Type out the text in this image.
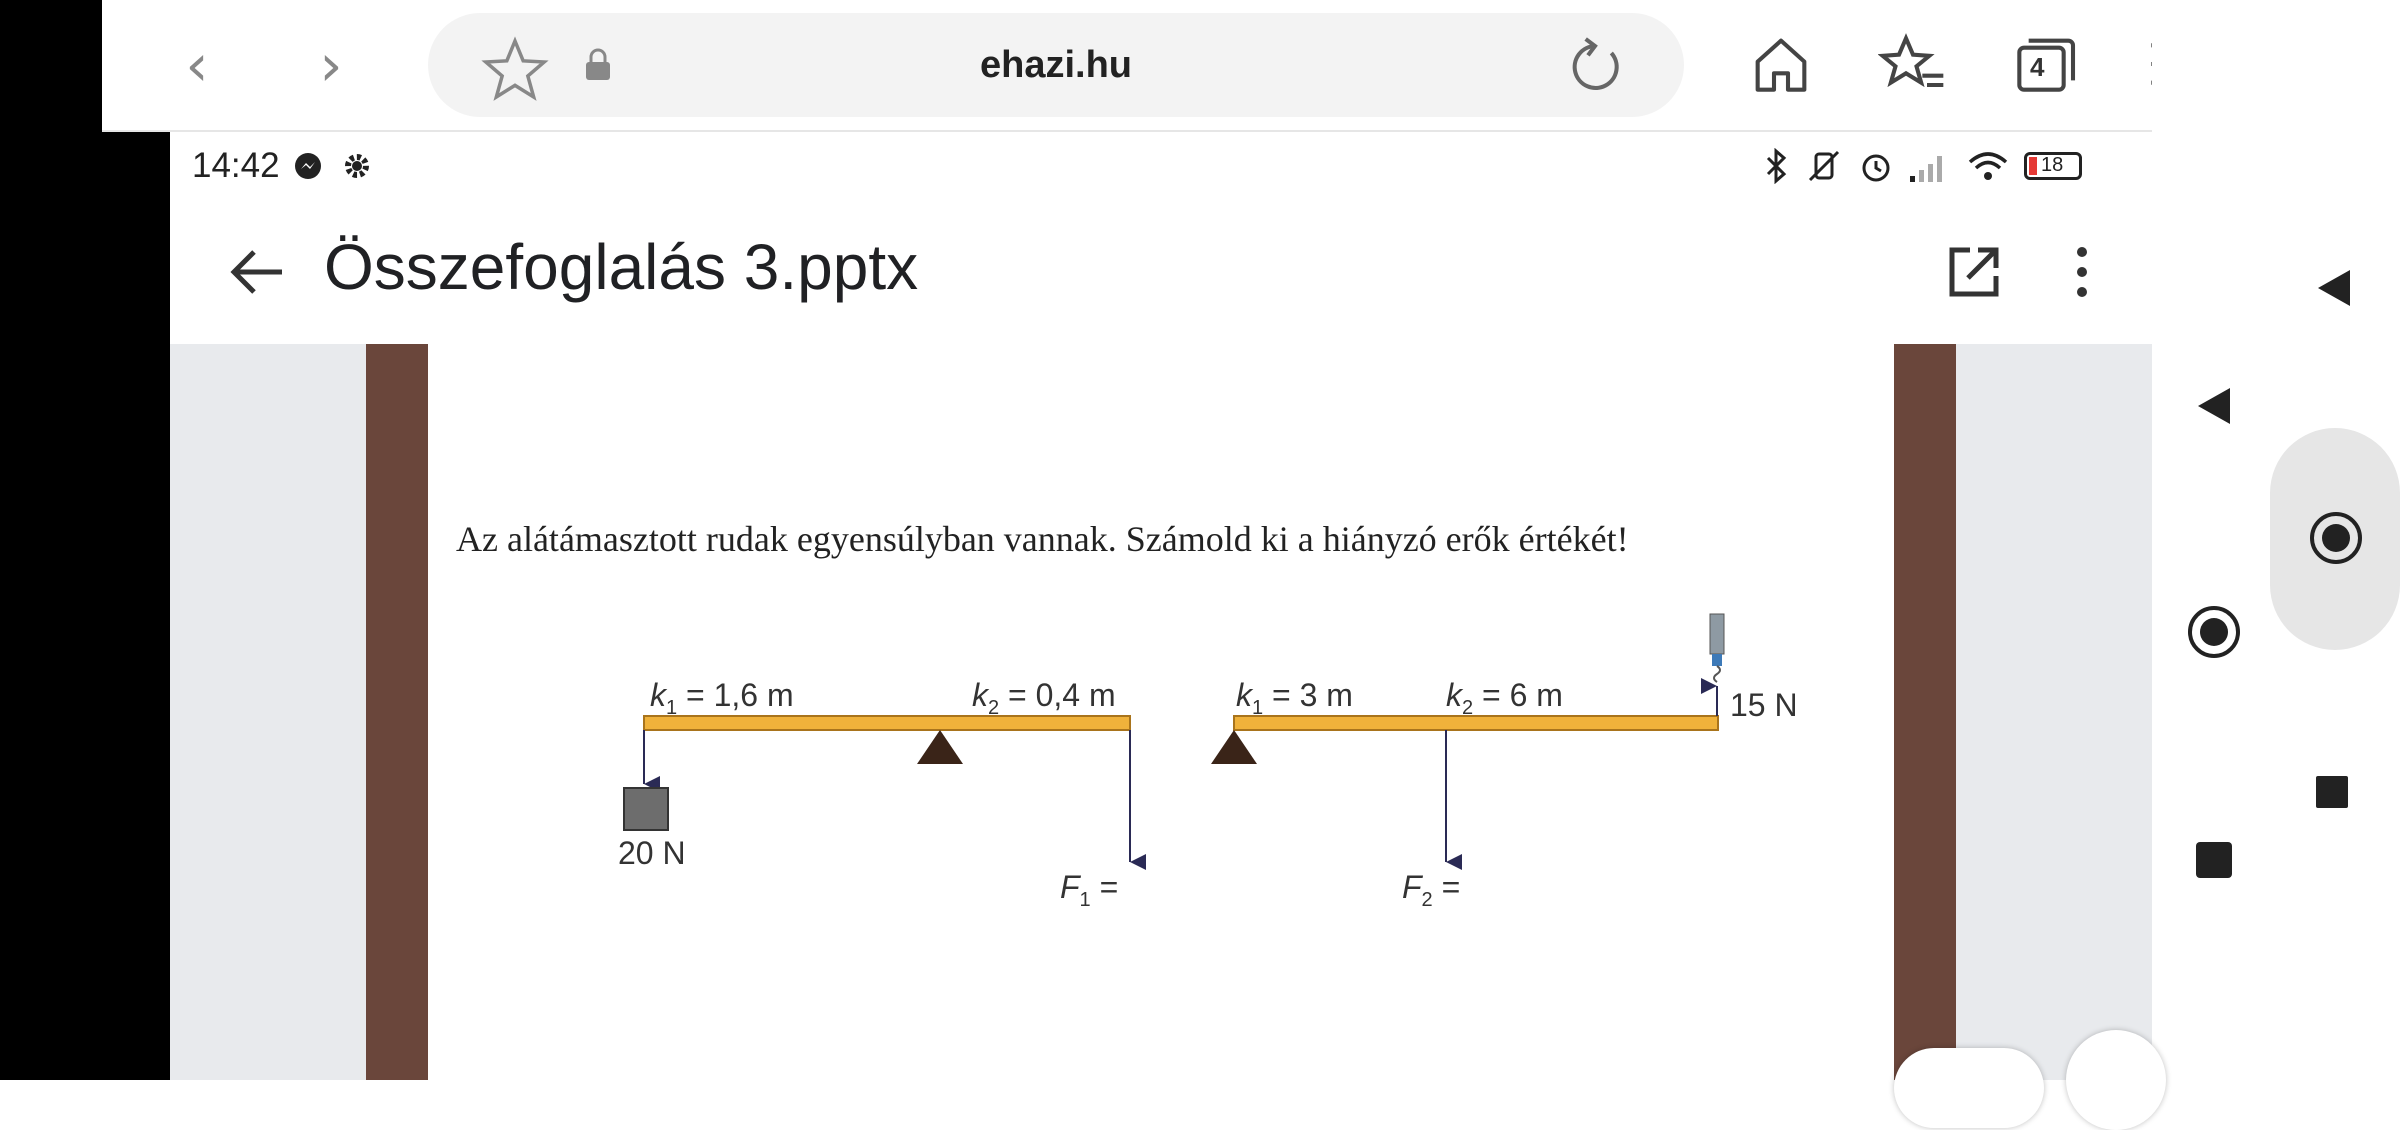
‹	›	ehazi.hu	4
14:42	18
Összefoglalás 3.pptx
Az alátámasztott rudak egyensúlyban vannak. Számold ki a hiányzó erők értékét!
$k_1 = 1,6$ m	$k_2 = 0,4$ m
20 N
$F_1$ =
$k_1 = 3$ m	$k_2 = 6$ m	15 N
$F_2$ =
